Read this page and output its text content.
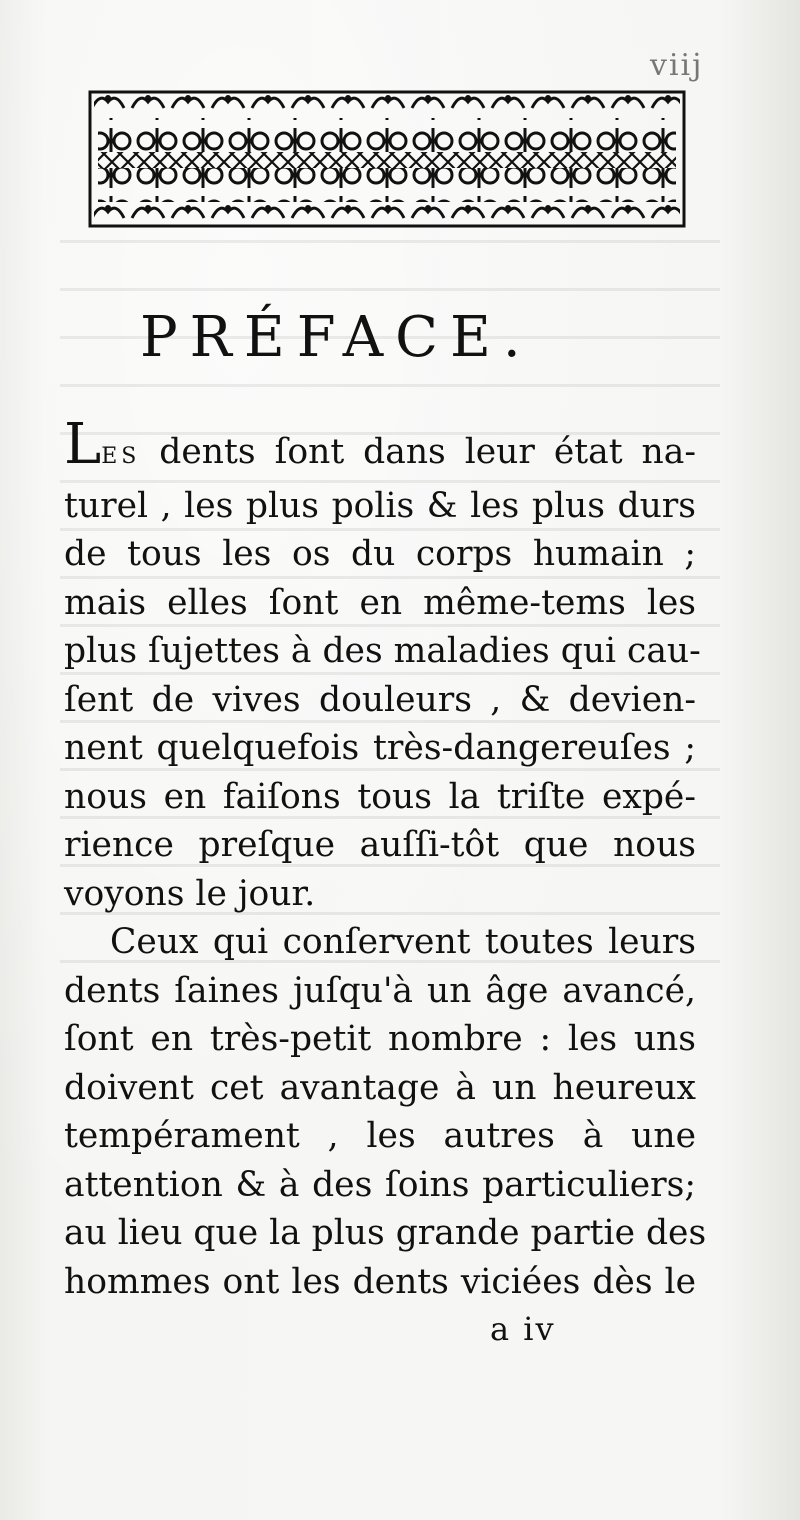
viij
PRÉFACE.
LES dents ſont dans leur état na-
turel , les plus polis & les plus durs
de tous les os du corps humain ;
mais elles ſont en même-tems les
plus ſujettes à des maladies qui cau-
ſent de vives douleurs , & devien-
nent quelquefois très-dangereuſes ;
nous en faiſons tous la triſte expé-
rience preſque auſſi-tôt que nous
voyons le jour.
Ceux qui conſervent toutes leurs
dents ſaines juſqu'à un âge avancé,
ſont en très-petit nombre : les uns
doivent cet avantage à un heureux
tempérament , les autres à une
attention & à des ſoins particuliers;
au lieu que la plus grande partie des
hommes ont les dents viciées dès le
a iv
